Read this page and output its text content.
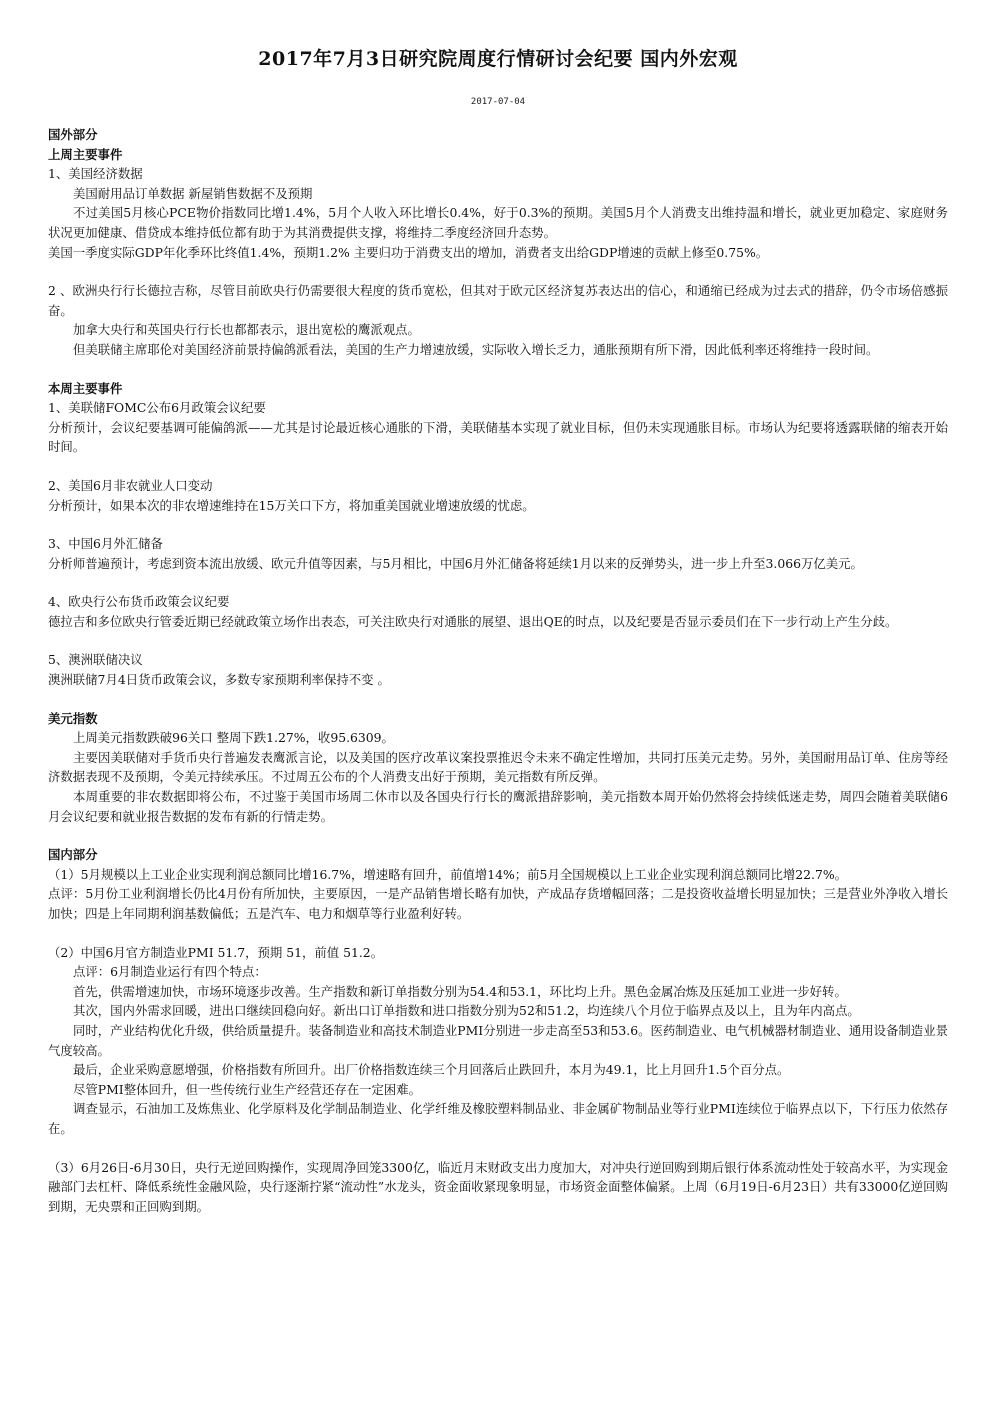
2017年7月3日研究院周度行情研讨会纪要 国内外宏观
2017-07-04

国外部分

上周主要事件

1、美国经济数据

美国耐用品订单数据 新屋销售数据不及预期

不过美国5月核心PCE物价指数同比增1.4%，5月个人收入环比增长0.4%，好于0.3%的预期。美国5月个人消费支出维持温和增长，就业更加稳定、家庭财务状况更加健康、借贷成本维持低位都有助于为其消费提供支撑，将维持二季度经济回升态势。

美国一季度实际GDP年化季环比终值1.4%，预期1.2% 主要归功于消费支出的增加，消费者支出给GDP增速的贡献上修至0.75%。

2 、欧洲央行行长德拉吉称，尽管目前欧央行仍需要很大程度的货币宽松，但其对于欧元区经济复苏表达出的信心，和通缩已经成为过去式的措辞，仍令市场倍感振奋。

加拿大央行和英国央行行长也都都表示，退出宽松的鹰派观点。

但美联储主席耶伦对美国经济前景持偏鸽派看法，美国的生产力增速放缓，实际收入增长乏力，通胀预期有所下滑，因此低利率还将维持一段时间。

本周主要事件

1、美联储FOMC公布6月政策会议纪要

分析预计，会议纪要基调可能偏鸽派——尤其是讨论最近核心通胀的下滑，美联储基本实现了就业目标，但仍未实现通胀目标。市场认为纪要将透露联储的缩表开始时间。

2、美国6月非农就业人口变动

分析预计，如果本次的非农增速维持在15万关口下方，将加重美国就业增速放缓的忧虑。

3、中国6月外汇储备

分析师普遍预计，考虑到资本流出放缓、欧元升值等因素，与5月相比，中国6月外汇储备将延续1月以来的反弹势头，进一步上升至3.066万亿美元。

4、欧央行公布货币政策会议纪要

德拉吉和多位欧央行管委近期已经就政策立场作出表态，可关注欧央行对通胀的展望、退出QE的时点，以及纪要是否显示委员们在下一步行动上产生分歧。

5、澳洲联储决议

澳洲联储7月4日货币政策会议，多数专家预期利率保持不变 。

美元指数

上周美元指数跌破96关口 整周下跌1.27%，收95.6309。

主要因美联储对手货币央行普遍发表鹰派言论，以及美国的医疗改革议案投票推迟令未来不确定性增加，共同打压美元走势。另外，美国耐用品订单、住房等经济数据表现不及预期，令美元持续承压。不过周五公布的个人消费支出好于预期，美元指数有所反弹。

本周重要的非农数据即将公布，不过鉴于美国市场周二休市以及各国央行行长的鹰派措辞影响，美元指数本周开始仍然将会持续低迷走势，周四会随着美联储6月会议纪要和就业报告数据的发布有新的行情走势。

国内部分

（1）5月规模以上工业企业实现利润总额同比增16.7%，增速略有回升，前值增14%；前5月全国规模以上工业企业实现利润总额同比增22.7%。

点评：5月份工业利润增长仍比4月份有所加快，主要原因，一是产品销售增长略有加快，产成品存货增幅回落；二是投资收益增长明显加快；三是营业外净收入增长加快；四是上年同期利润基数偏低；五是汽车、电力和烟草等行业盈利好转。

（2）中国6月官方制造业PMI 51.7，预期 51，前值 51.2。

点评：6月制造业运行有四个特点：

首先，供需增速加快，市场环境逐步改善。生产指数和新订单指数分别为54.4和53.1，环比均上升。黑色金属冶炼及压延加工业进一步好转。

其次，国内外需求回暖，进出口继续回稳向好。新出口订单指数和进口指数分别为52和51.2，均连续八个月位于临界点及以上，且为年内高点。

同时，产业结构优化升级，供给质量提升。装备制造业和高技术制造业PMI分别进一步走高至53和53.6。医药制造业、电气机械器材制造业、通用设备制造业景气度较高。

最后，企业采购意愿增强，价格指数有所回升。出厂价格指数连续三个月回落后止跌回升，本月为49.1，比上月回升1.5个百分点。

尽管PMI整体回升，但一些传统行业生产经营还存在一定困难。

调查显示，石油加工及炼焦业、化学原料及化学制品制造业、化学纤维及橡胶塑料制品业、非金属矿物制品业等行业PMI连续位于临界点以下，下行压力依然存在。

（3）6月26日-6月30日，央行无逆回购操作，实现周净回笼3300亿，临近月末财政支出力度加大，对冲央行逆回购到期后银行体系流动性处于较高水平，为实现金融部门去杠杆、降低系统性金融风险，央行逐渐拧紧“流动性”水龙头，资金面收紧现象明显，市场资金面整体偏紧。上周（6月19日-6月23日）共有33000亿逆回购到期，无央票和正回购到期。
